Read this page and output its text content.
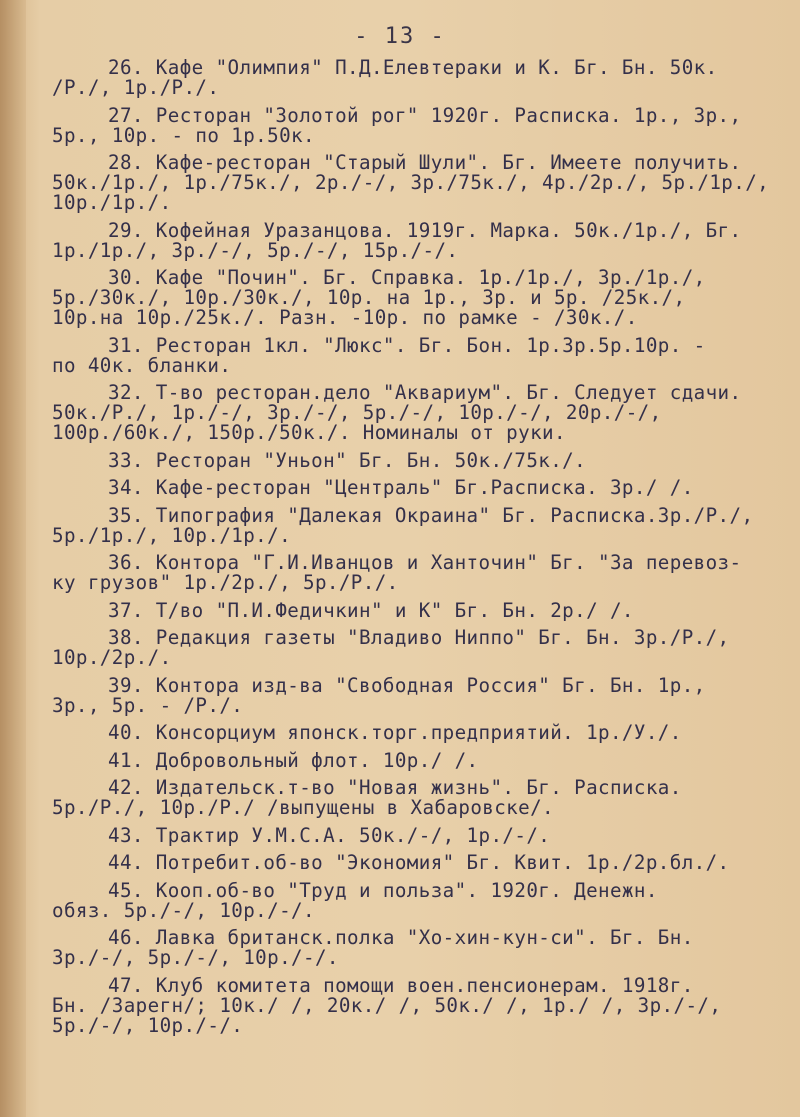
- 13 -
26. Кафе "Олимпия" П.Д.Елевтераки и К. Бг. Бн. 50к.
/Р./, 1р./Р./.
27. Ресторан "Золотой рог" 1920г. Расписка. 1р., 3р.,
5р., 10р. - по 1р.50к.
28. Кафе-ресторан "Старый Шули". Бг. Имеете получить.
50к./1р./, 1р./75к./, 2р./-/, 3р./75к./, 4р./2р./, 5р./1р./,
10р./1р./.
29. Кофейная Уразанцова. 1919г. Марка. 50к./1р./, Бг.
1р./1р./, 3р./-/, 5р./-/, 15р./-/.
30. Кафе "Почин". Бг. Справка. 1р./1р./, 3р./1р./,
5р./30к./, 10р./30к./, 10р. на 1р., 3р. и 5р. /25к./,
10р.на 10р./25к./. Разн. -10р. по рамке - /30к./.
31. Ресторан 1кл. "Люкс". Бг. Бон. 1р.3р.5р.10р. -
по 40к. бланки.
32. Т-во ресторан.дело "Аквариум". Бг. Следует сдачи.
50к./Р./, 1р./-/, 3р./-/, 5р./-/, 10р./-/, 20р./-/,
100р./60к./, 150р./50к./. Номиналы от руки.
33. Ресторан "Уньон" Бг. Бн. 50к./75к./.
34. Кафе-ресторан "Централь" Бг.Расписка. 3р./ /.
35. Типография "Далекая Окраина" Бг. Расписка.3р./Р./,
5р./1р./, 10р./1р./.
36. Контора "Г.И.Иванцов и Ханточин" Бг. "За перевоз-
ку грузов" 1р./2р./, 5р./Р./.
37. Т/во "П.И.Федичкин" и К" Бг. Бн. 2р./ /.
38. Редакция газеты "Владиво Ниппо" Бг. Бн. 3р./Р./,
10р./2р./.
39. Контора изд-ва "Свободная Россия" Бг. Бн. 1р.,
3р., 5р. - /Р./.
40. Консорциум японск.торг.предприятий. 1р./У./.
41. Добровольный флот. 10р./ /.
42. Издательск.т-во "Новая жизнь". Бг. Расписка.
5р./Р./, 10р./Р./ /выпущены в Хабаровске/.
43. Трактир У.М.С.А. 50к./-/, 1р./-/.
44. Потребит.об-во "Экономия" Бг. Квит. 1р./2р.бл./.
45. Кооп.об-во "Труд и польза". 1920г. Денежн.
обяз. 5р./-/, 10р./-/.
46. Лавка британск.полка "Хо-хин-кун-си". Бг. Бн.
3р./-/, 5р./-/, 10р./-/.
47. Клуб комитета помощи воен.пенсионерам. 1918г.
Бн. /Зарегн/; 10к./ /, 20к./ /, 50к./ /, 1р./ /, 3р./-/,
5р./-/, 10р./-/.
